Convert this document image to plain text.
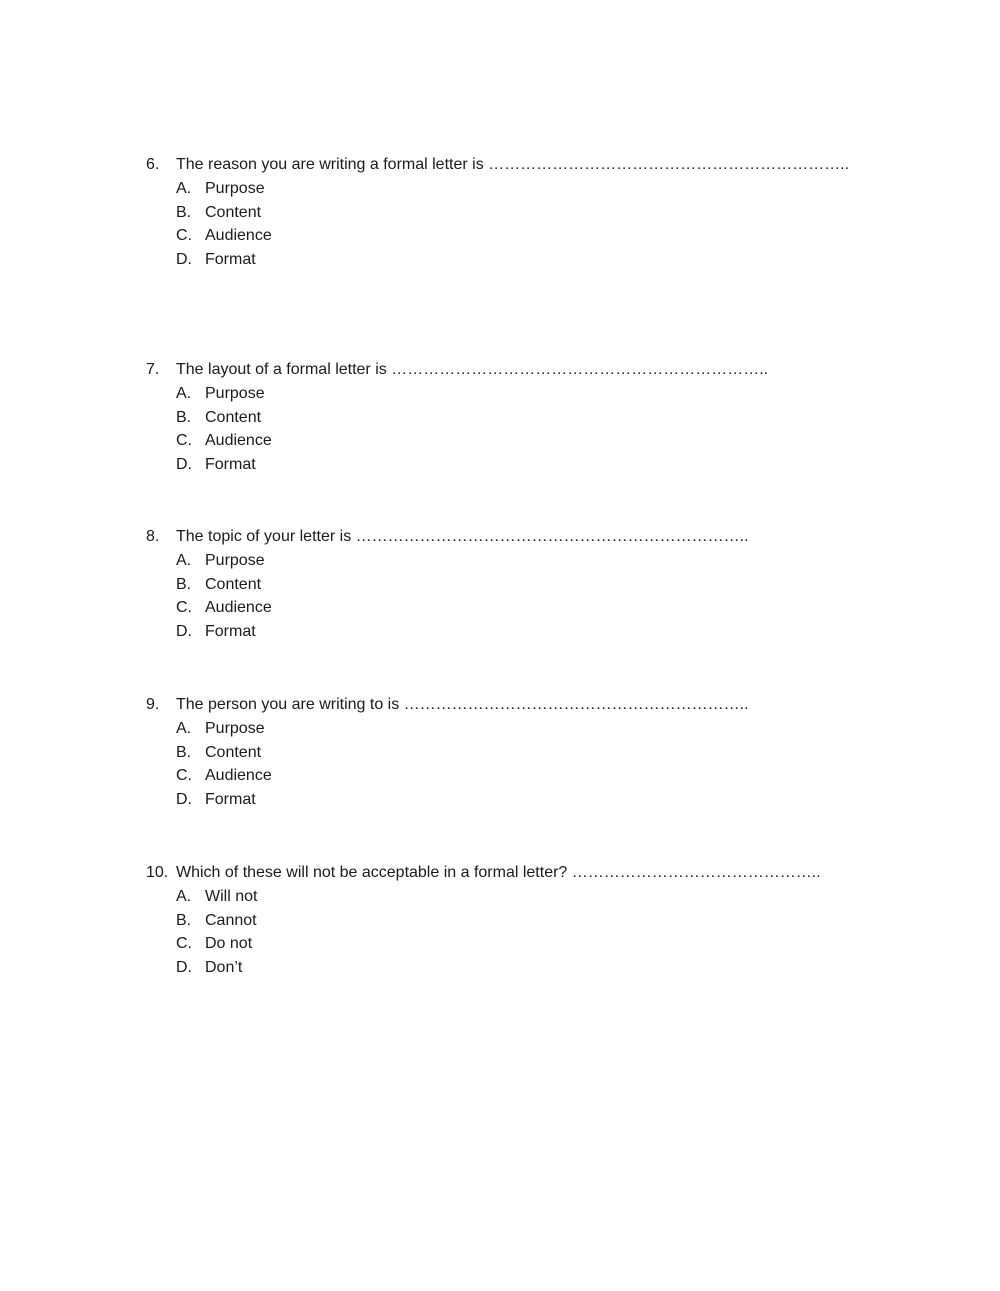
6. The reason you are writing a formal letter is …………………………………………………………..
A. Purpose
B. Content
C. Audience
D. Format
7. The layout of a formal letter is ……………………………………………………………..
A. Purpose
B. Content
C. Audience
D. Format
8. The topic of your letter is ………………………………………………………………..
A. Purpose
B. Content
C. Audience
D. Format
9. The person you are writing to is ………………………………………………………..
A. Purpose
B. Content
C. Audience
D. Format
10. Which of these will not be acceptable in a formal letter? ………………………………………..
A. Will not
B. Cannot
C. Do not
D. Don’t
